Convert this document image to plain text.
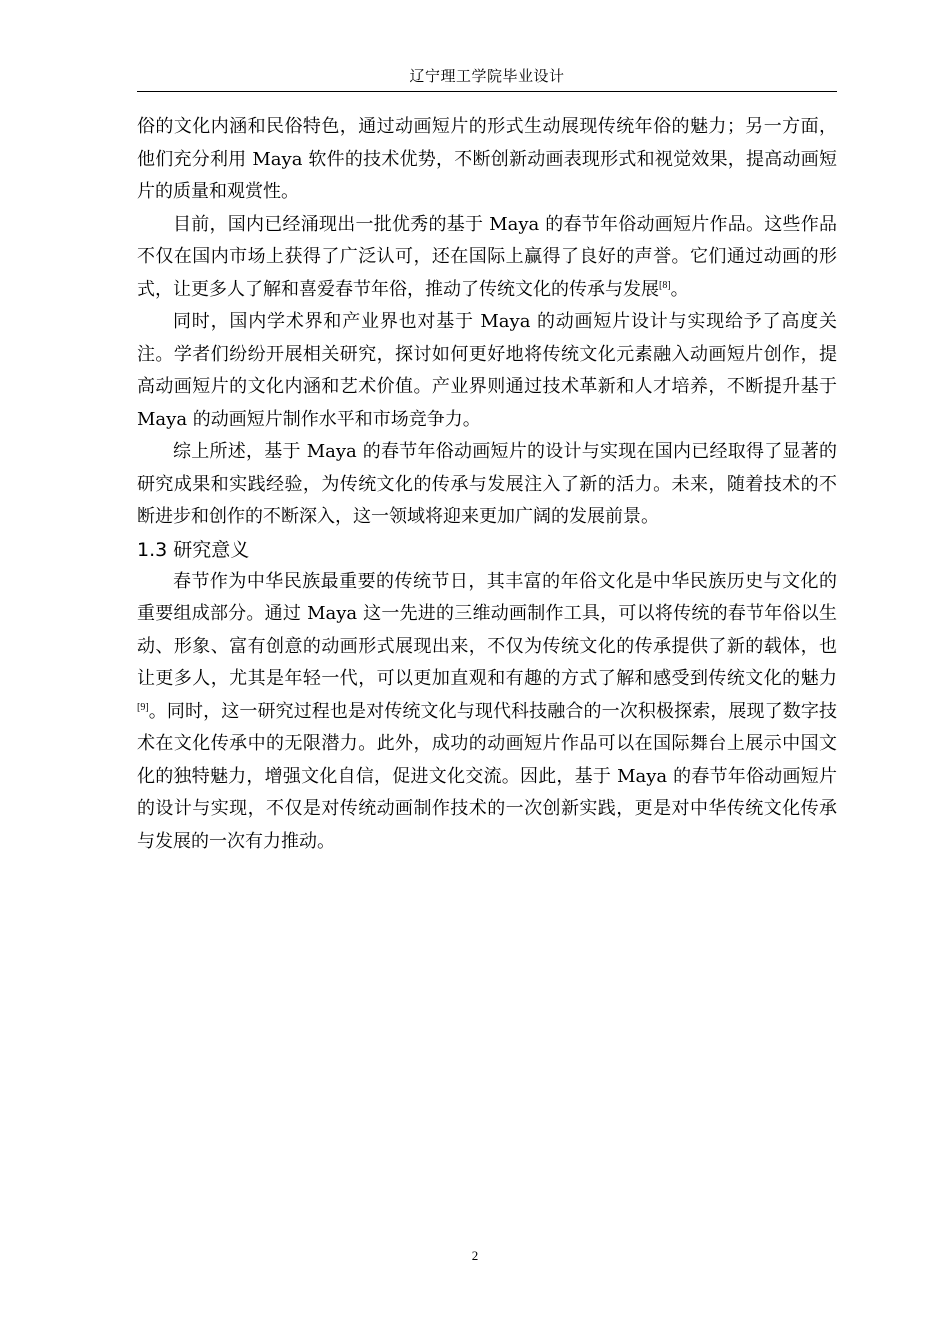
辽宁理工学院毕业设计

俗的文化内涵和民俗特色，通过动画短片的形式生动展现传统年俗的魅力；另一方面，他们充分利用 Maya 软件的技术优势，不断创新动画表现形式和视觉效果，提高动画短片的质量和观赏性。

目前，国内已经涌现出一批优秀的基于 Maya 的春节年俗动画短片作品。这些作品不仅在国内市场上获得了广泛认可，还在国际上赢得了良好的声誉。它们通过动画的形式，让更多人了解和喜爱春节年俗，推动了传统文化的传承与发展[8]。

同时，国内学术界和产业界也对基于 Maya 的动画短片设计与实现给予了高度关注。学者们纷纷开展相关研究，探讨如何更好地将传统文化元素融入动画短片创作，提高动画短片的文化内涵和艺术价值。产业界则通过技术革新和人才培养，不断提升基于 Maya 的动画短片制作水平和市场竞争力。

综上所述，基于 Maya 的春节年俗动画短片的设计与实现在国内已经取得了显著的研究成果和实践经验，为传统文化的传承与发展注入了新的活力。未来，随着技术的不断进步和创作的不断深入，这一领域将迎来更加广阔的发展前景。

1.3 研究意义

春节作为中华民族最重要的传统节日，其丰富的年俗文化是中华民族历史与文化的重要组成部分。通过 Maya 这一先进的三维动画制作工具，可以将传统的春节年俗以生动、形象、富有创意的动画形式展现出来，不仅为传统文化的传承提供了新的载体，也让更多人，尤其是年轻一代，可以更加直观和有趣的方式了解和感受到传统文化的魅力[9]。同时，这一研究过程也是对传统文化与现代科技融合的一次积极探索，展现了数字技术在文化传承中的无限潜力。此外，成功的动画短片作品可以在国际舞台上展示中国文化的独特魅力，增强文化自信，促进文化交流。因此，基于 Maya 的春节年俗动画短片的设计与实现，不仅是对传统动画制作技术的一次创新实践，更是对中华传统文化传承与发展的一次有力推动。

2
